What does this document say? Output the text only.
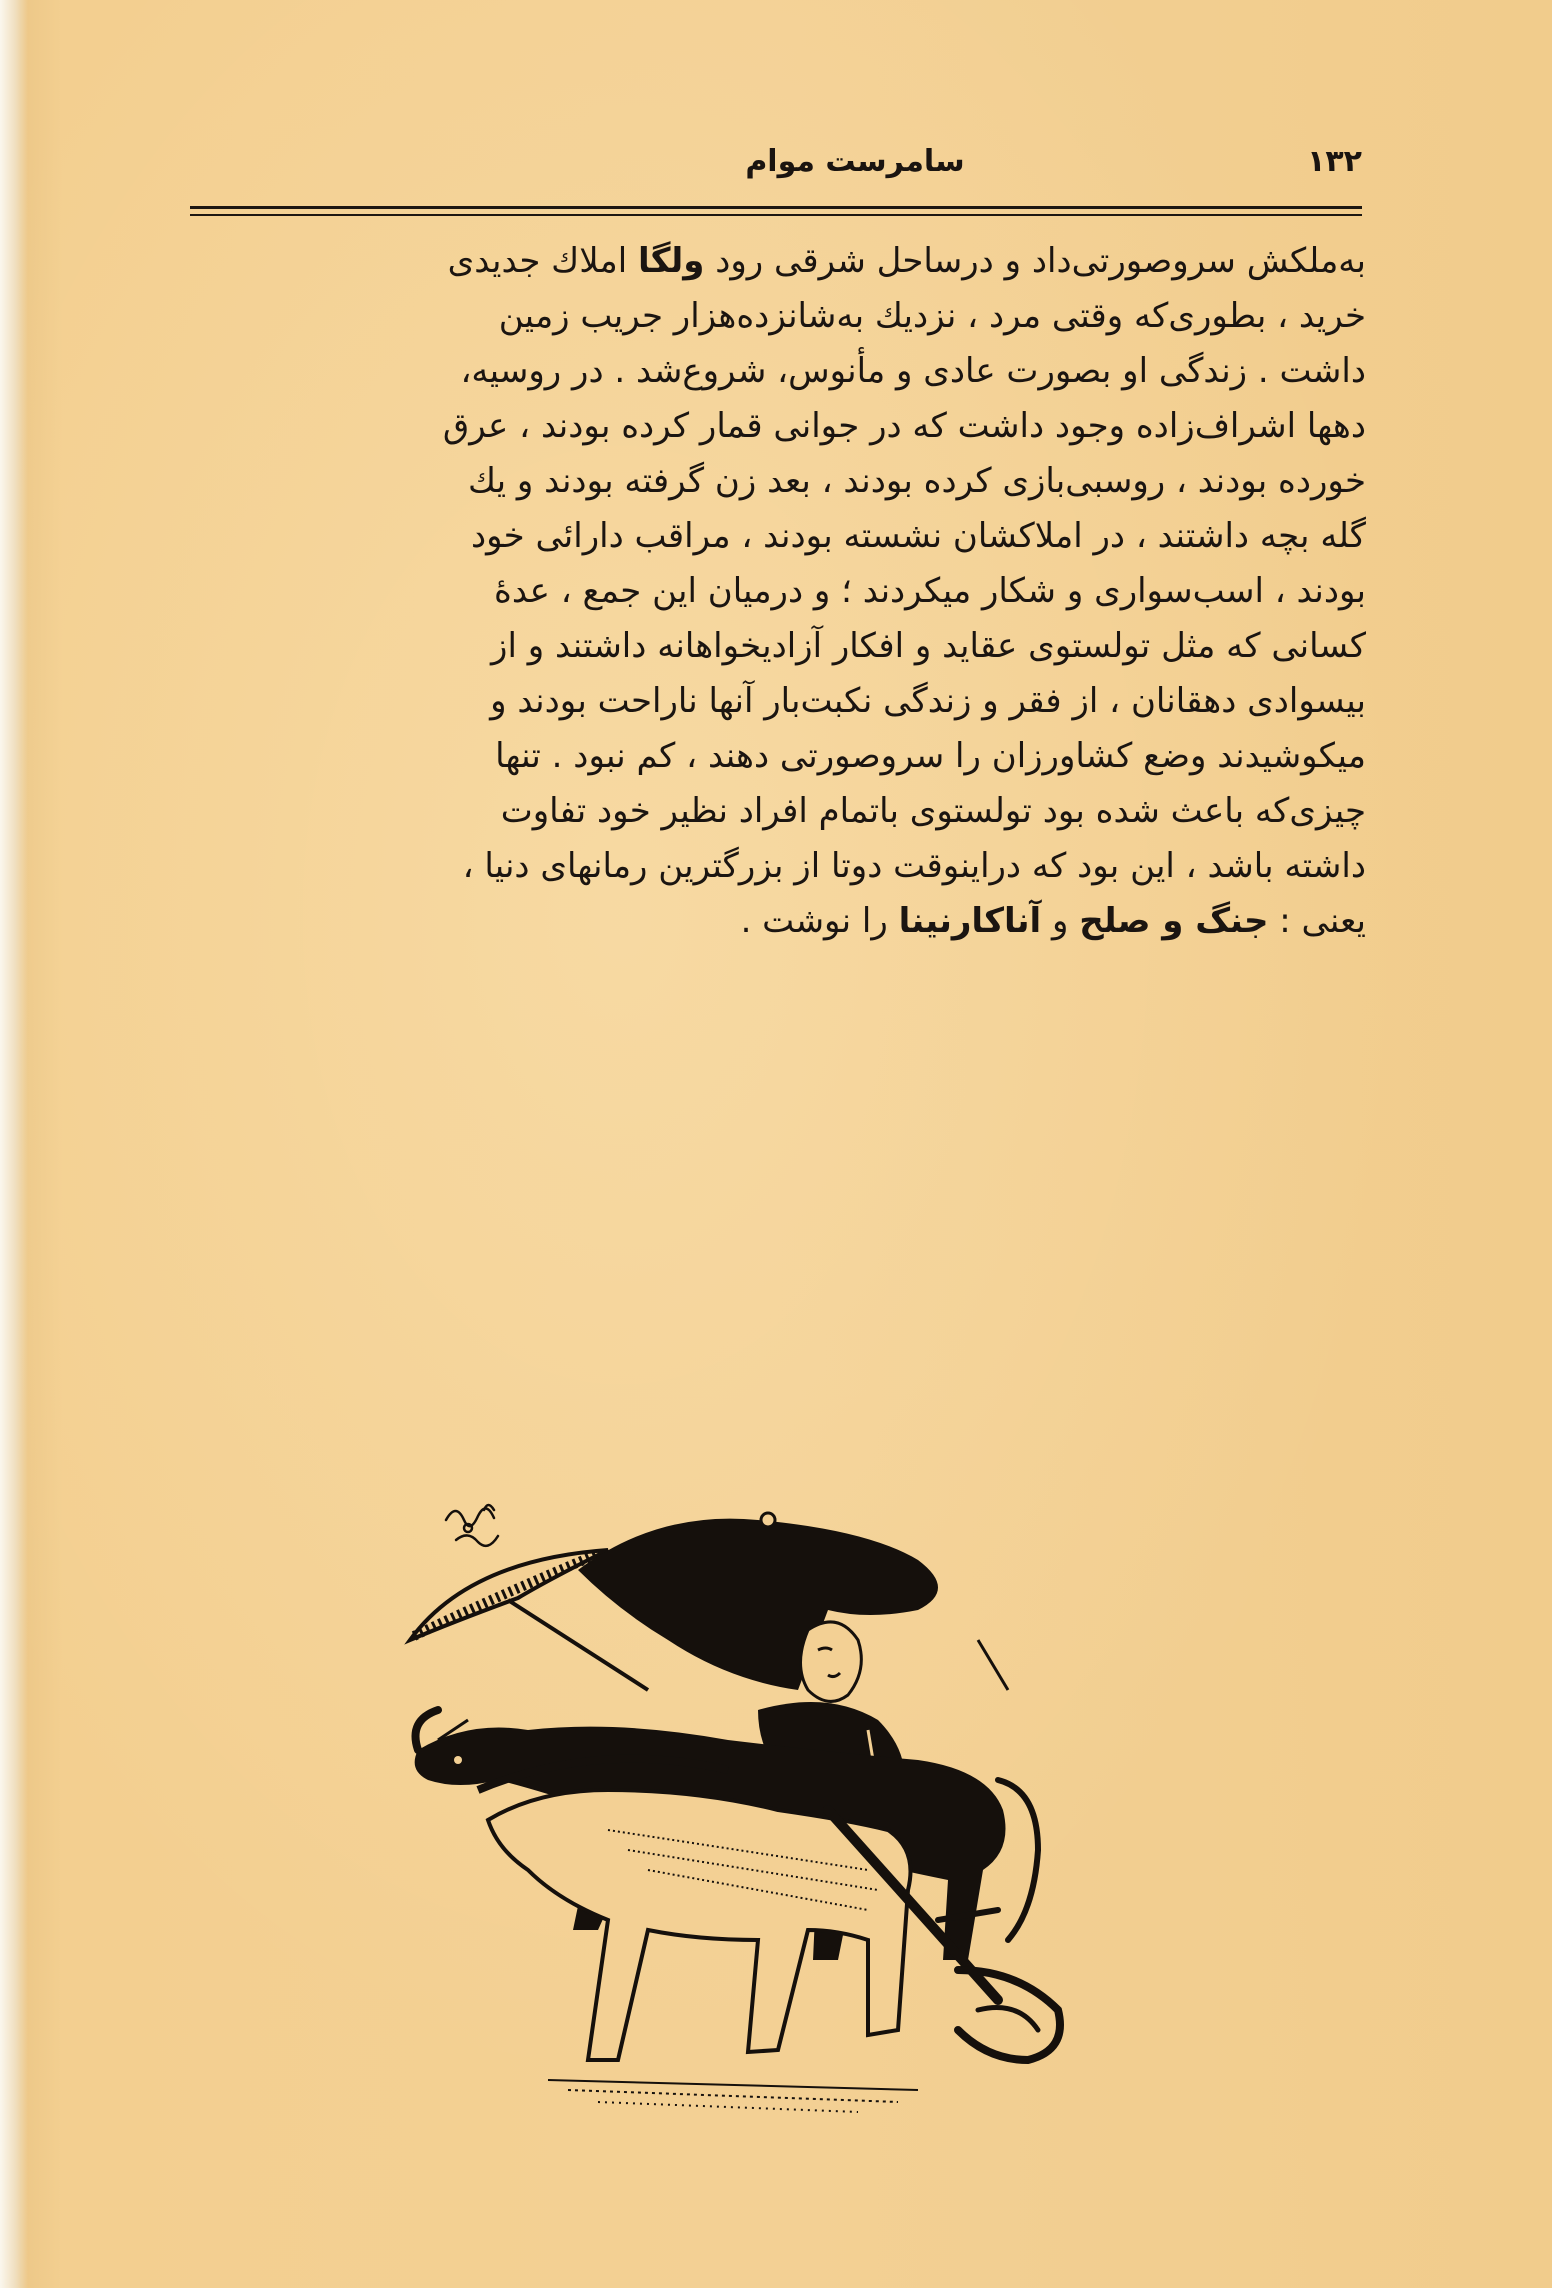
سامرست موام	۱۳۲
به‌ملکش سروصورتی‌داد و درساحل شرقی رود ولگا املاك جدیدی
خرید ، بطوری‌که وقتی مرد ، نزدیك به‌شانزده‌هزار جریب زمین
داشت . زندگی او بصورت عادی و مأنوس، شروع‌شد . در روسیه،
دهها اشراف‌زاده وجود داشت که در جوانی قمار کرده بودند ، عرق
خورده بودند ، روسبی‌بازی کرده بودند ، بعد زن گرفته بودند و یك
گله بچه داشتند ، در املاکشان نشسته بودند ، مراقب دارائی خود
بودند ، اسب‌سواری و شکار میکردند ؛ و درمیان این جمع ، عدهٔ
کسانی که مثل تولستوی عقاید و افکار آزادیخواهانه داشتند و از
بیسوادی دهقانان ، از فقر و زندگی نکبت‌بار آنها ناراحت بودند و
میکوشیدند وضع کشاورزان را سروصورتی دهند ، کم نبود . تنها
چیزی‌که باعث شده بود تولستوی باتمام افراد نظیر خود تفاوت
داشته باشد ، این بود که دراینوقت دوتا از بزرگترین رمانهای دنیا ،
یعنی : جنگ و صلح و آناکارنینا را نوشت .
